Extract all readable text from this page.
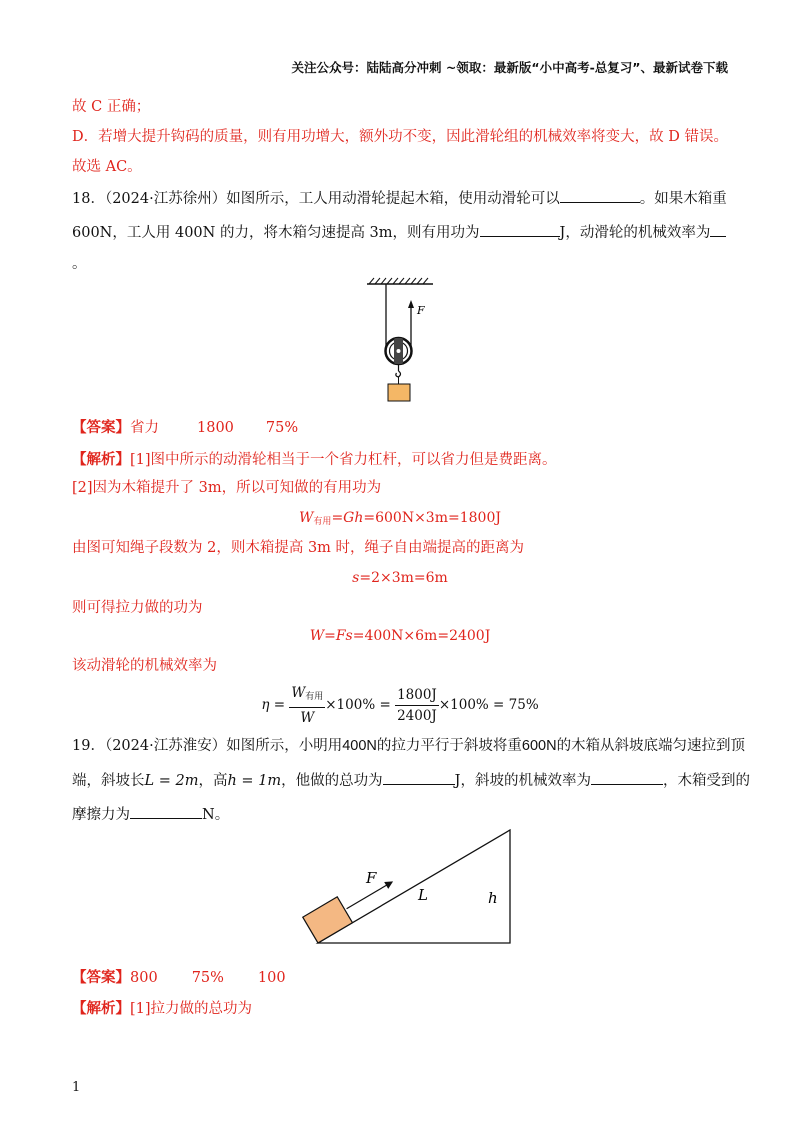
关注公众号：陆陆高分冲刺 ~领取：最新版“小中高考-总复习”、最新试卷下载
故 C 正确；
D．若增大提升钩码的质量，则有用功增大，额外功不变，因此滑轮组的机械效率将变大，故 D 错误。
故选 AC。
18．（2024·江苏徐州）如图所示，工人用动滑轮提起木箱，使用动滑轮可以	。如果木箱重
600N，工人用 400N 的力，将木箱匀速提高 3m，则有用功为	J，动滑轮的机械效率为
。
F
【答案】省力	1800 75%
【解析】[1]图中所示的动滑轮相当于一个省力杠杆，可以省力但是费距离。
[2]因为木箱提升了 3m，所以可知做的有用功为
$W_{有用}=Gh=600N\times 3m=1800J$
由图可知绳子段数为 2，则木箱提高 3m 时，绳子自由端提高的距离为
s=2×3m=6m
则可得拉力做的功为
W=Fs=400N×6m=2400J
该动滑轮的机械效率为
$\eta = \frac{W_{有用}}{W} \times 100\% = \frac{1800J}{2400J} \times 100\% = 75\%$
19．（2024·江苏淮安）如图所示，小明用400N的拉力平行于斜坡将重600N的木箱从斜坡底端匀速拉到顶
端，斜坡长L = 2m，高h = 1m，他做的总功为	J，斜坡的机械效率为	，木箱受到的
摩擦力为	N。
F
L	h
【答案】800 75% 100
【解析】[1]拉力做的总功为
1
